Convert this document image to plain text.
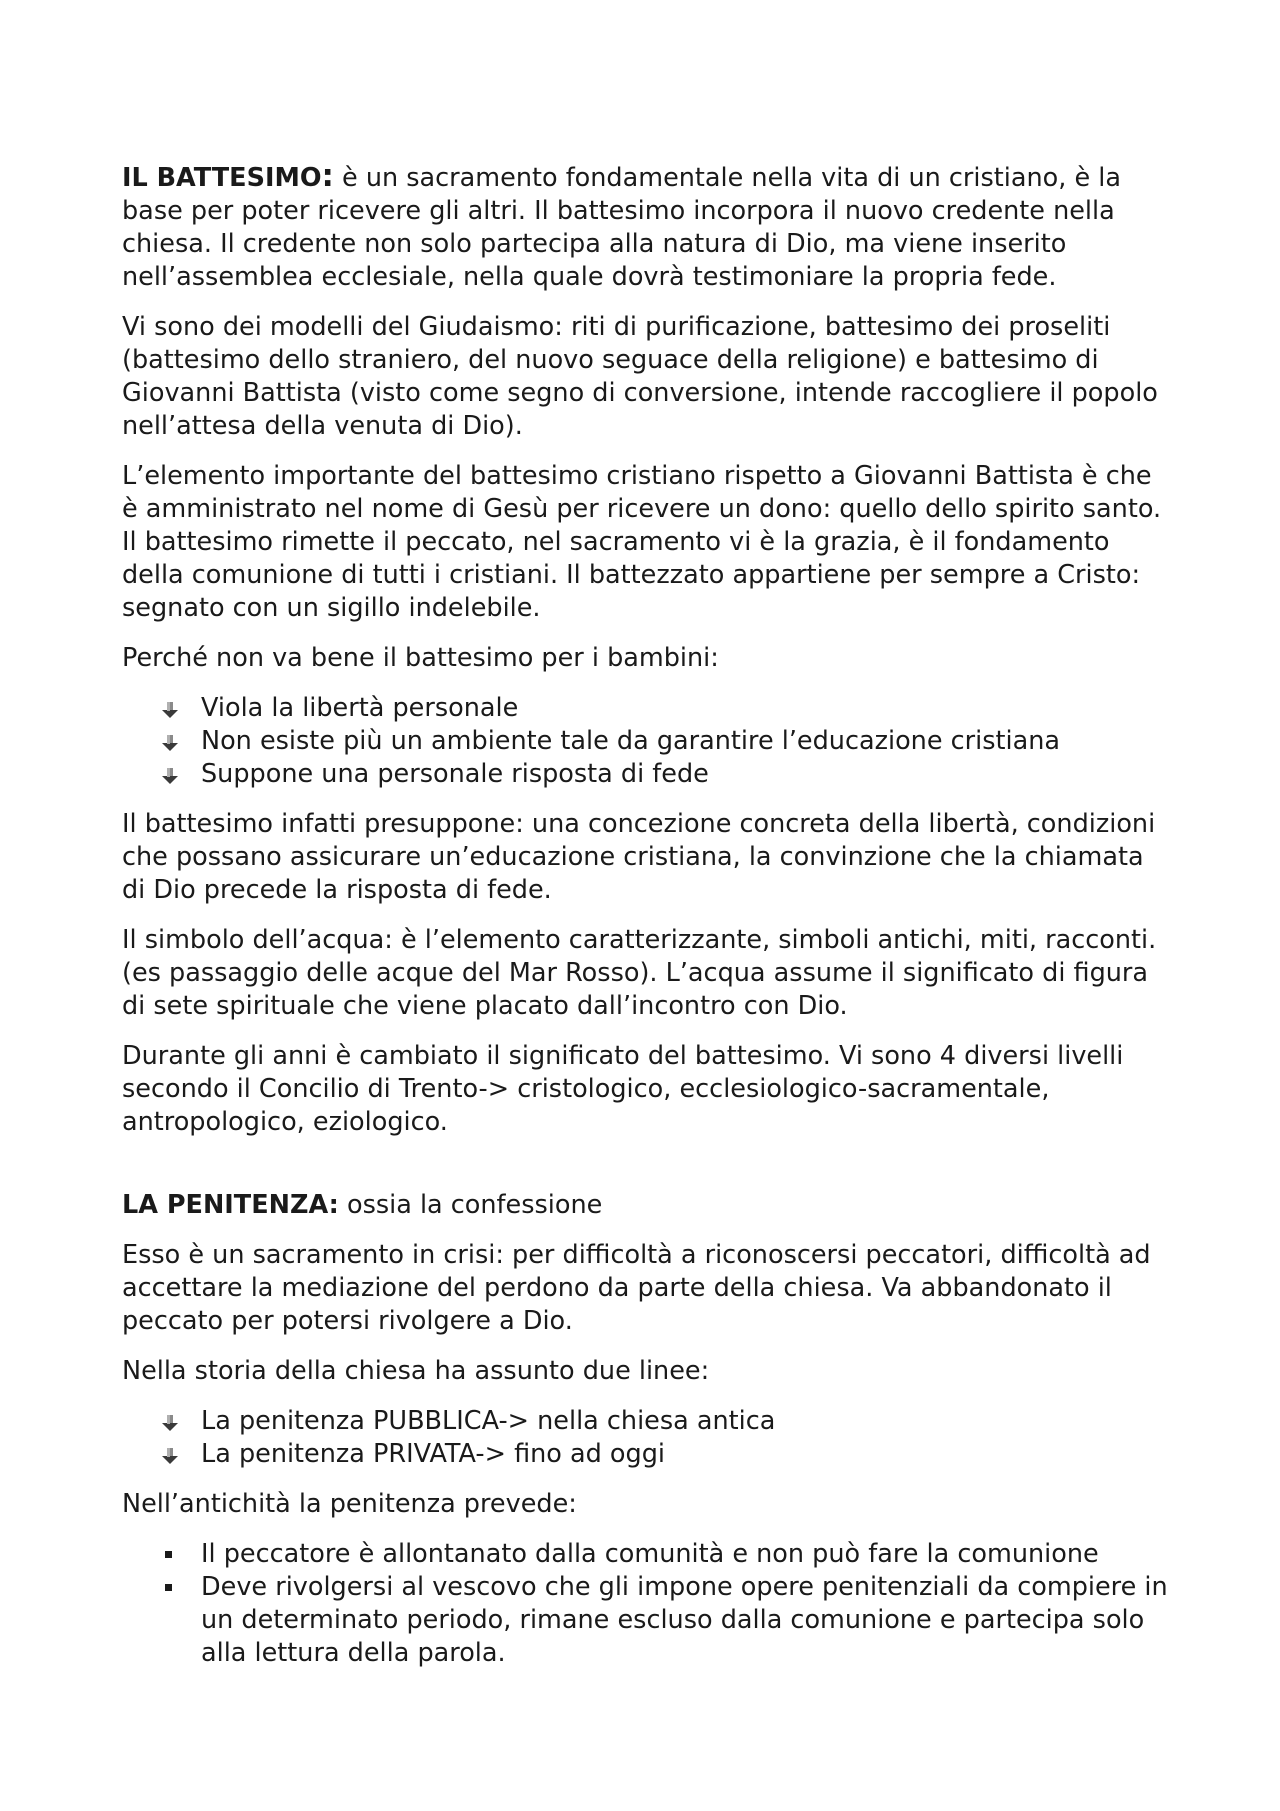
IL BATTESIMO: è un sacramento fondamentale nella vita di un cristiano, è la base per poter ricevere gli altri. Il battesimo incorpora il nuovo credente nella chiesa. Il credente non solo partecipa alla natura di Dio, ma viene inserito nell’assemblea ecclesiale, nella quale dovrà testimoniare la propria fede.

Vi sono dei modelli del Giudaismo: riti di purificazione, battesimo dei proseliti (battesimo dello straniero, del nuovo seguace della religione) e battesimo di Giovanni Battista (visto come segno di conversione, intende raccogliere il popolo nell’attesa della venuta di Dio).

L’elemento importante del battesimo cristiano rispetto a Giovanni Battista è che è amministrato nel nome di Gesù per ricevere un dono: quello dello spirito santo. Il battesimo rimette il peccato, nel sacramento vi è la grazia, è il fondamento della comunione di tutti i cristiani. Il battezzato appartiene per sempre a Cristo: segnato con un sigillo indelebile.

Perché non va bene il battesimo per i bambini:

Viola la libertà personale
Non esiste più un ambiente tale da garantire l’educazione cristiana
Suppone una personale risposta di fede

Il battesimo infatti presuppone: una concezione concreta della libertà, condizioni che possano assicurare un’educazione cristiana, la convinzione che la chiamata di Dio precede la risposta di fede.

Il simbolo dell’acqua: è l’elemento caratterizzante, simboli antichi, miti, racconti. (es passaggio delle acque del Mar Rosso). L’acqua assume il significato di figura di sete spirituale che viene placato dall’incontro con Dio.

Durante gli anni è cambiato il significato del battesimo. Vi sono 4 diversi livelli secondo il Concilio di Trento-> cristologico, ecclesiologico-sacramentale, antropologico, eziologico.

LA PENITENZA: ossia la confessione

Esso è un sacramento in crisi: per difficoltà a riconoscersi peccatori, difficoltà ad accettare la mediazione del perdono da parte della chiesa. Va abbandonato il peccato per potersi rivolgere a Dio.

Nella storia della chiesa ha assunto due linee:

La penitenza PUBBLICA-> nella chiesa antica
La penitenza PRIVATA-> fino ad oggi

Nell’antichità la penitenza prevede:

Il peccatore è allontanato dalla comunità e non può fare la comunione
Deve rivolgersi al vescovo che gli impone opere penitenziali da compiere in un determinato periodo, rimane escluso dalla comunione e partecipa solo alla lettura della parola.
